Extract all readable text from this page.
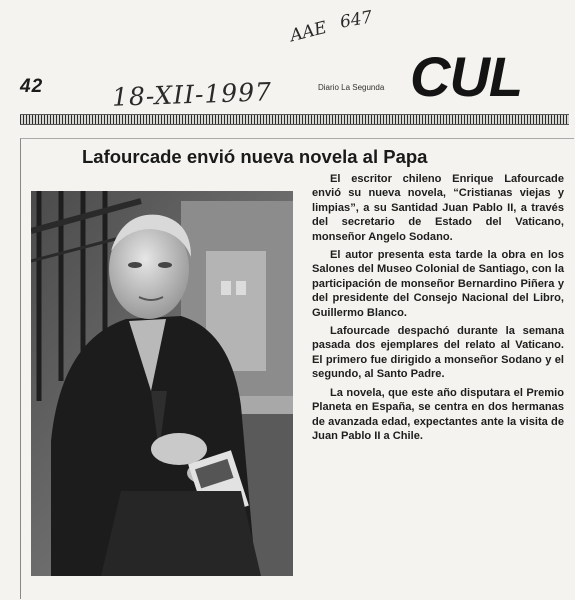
AAE 647
42	18-XII-1997	Diario La Segunda CUL
Lafourcade envió nueva novela al Papa

El escritor chileno Enrique Lafourcade envió su nueva novela, “Cristianas viejas y limpias”, a su Santidad Juan Pablo II, a través del secretario de Estado del Vaticano, monseñor Angelo Sodano.

El autor presenta esta tarde la obra en los Salones del Museo Colonial de Santiago, con la participación de monseñor Bernardino Piñera y del presidente del Consejo Nacional del Libro, Guillermo Blanco.

Lafourcade despachó durante la semana pasada dos ejemplares del relato al Vaticano. El primero fue dirigido a monseñor Sodano y el segundo, al Santo Padre.

La novela, que este año disputara el Premio Planeta en España, se centra en dos hermanas de avanzada edad, expectantes ante la visita de Juan Pablo II a Chile.
